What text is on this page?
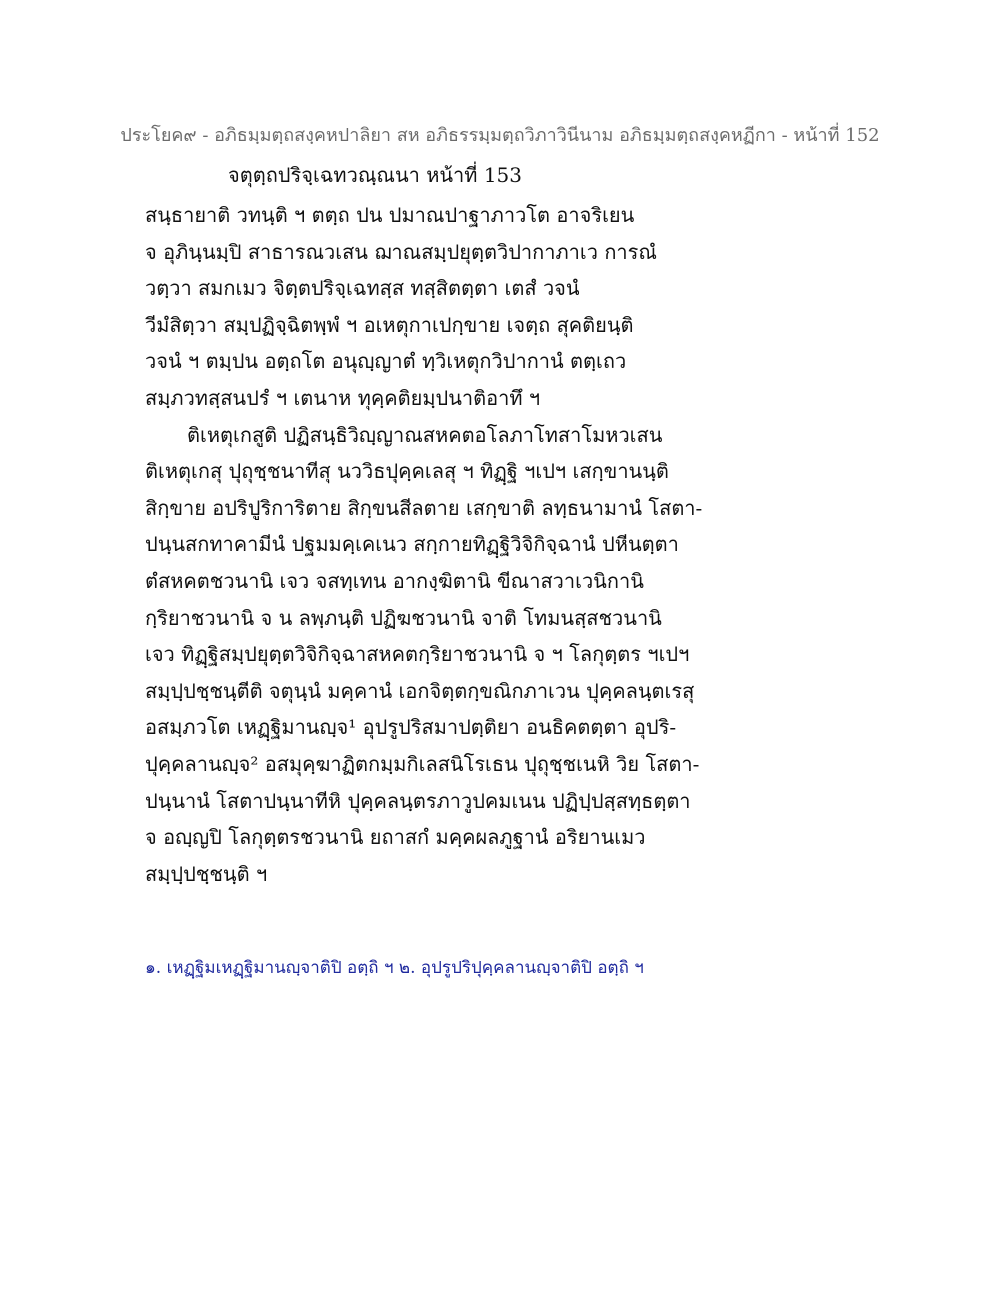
ประโยค๙ - อภิธมฺมตฺถสงฺคหปาลิยา สห อภิธรรมฺมตฺถวิภาวินีนาม อภิธมฺมตฺถสงฺคหฏีกา - หน้าที่ 152
จตุตฺถปริจฺเฉทวณฺณนา หน้าที่ 153
สนฺธายาติ วทนฺติ ฯ ตตฺถ ปน ปมาณปาฐาภาวโต อาจริเยน
จ อุภินฺนมฺปิ สาธารณวเสน ฌาณสมฺปยุตฺตวิปากาภาเว การณํ
วตฺวา สมกเมว จิตฺตปริจฺเฉทสฺส ทสฺสิตตฺตา เตสํ วจนํ
วีมํสิตฺวา สมฺปฏิจฺฉิตพฺพํ ฯ อเหตุกาเปกฺขาย เจตฺถ สุคติยนฺติ
วจนํ ฯ ตมฺปน อตฺถโต อนุญฺญาตํ ทฺวิเหตุกวิปากานํ ตตฺเถว
สมฺภวทสฺสนปรํ ฯ เตนาห ทุคฺคติยมฺปนาติอาทึ ฯ
ติเหตุเกสูติ ปฏิสนฺธิวิญฺญาณสหคตอโลภาโทสาโมหวเสน
ติเหตุเกสุ ปุถุชฺชนาทีสุ นววิธปุคฺคเลสุ ฯ ทิฏฺฐิ ฯเปฯ เสกฺขานนฺติ
สิกฺขาย อปริปูริการิตาย สิกฺขนสีลตาย เสกฺขาติ ลทฺธนามานํ โสตา-
ปนฺนสกทาคามีนํ ปฐมมคฺเคเนว สกฺกายทิฏฺฐิวิจิกิจฺฉานํ ปหีนตฺตา
ตํสหคตชวนานิ เจว จสทฺเทน อากงฺฆิตานิ ขีณาสวาเวนิกานิ
กฺริยาชวนานิ จ น ลพฺภนฺติ ปฏิฆชวนานิ จาติ โทมนสฺสชวนานิ
เจว ทิฏฺฐิสมฺปยุตฺตวิจิกิจฺฉาสหคตกฺริยาชวนานิ จ ฯ โลกุตฺตร ฯเปฯ
สมฺปฺปชฺชนฺตีติ จตุนฺนํ มคฺคานํ เอกจิตฺตกฺขณิกภาเวน ปุคฺคลนฺตเรสุ
อสมฺภวโต เหฏฺฐิมานญฺจ¹ อุปรูปริสมาปตฺติยา อนธิคตตฺตา อุปริ-
ปุคฺคลานญฺจ² อสมุคฺฆาฏิตกมฺมกิเลสนิโรเธน ปุถุชฺชเนหิ วิย โสตา-
ปนฺนานํ โสตาปนฺนาทีหิ ปุคฺคลนฺตรภาวูปคมเนน ปฏิปฺปสฺสทฺธตฺตา
จ อญฺญปิ โลกุตฺตรชวนานิ ยถาสกํ มคฺคผลภูฐานํ อริยานเมว
สมฺปฺปชฺชนฺติ ฯ
๑. เหฏฺฐิมเหฏฺฐิมานญฺจาติปิ อตฺถิ ฯ ๒. อุปรูปริปุคฺคลานญฺจาติปิ อตฺถิ ฯ
